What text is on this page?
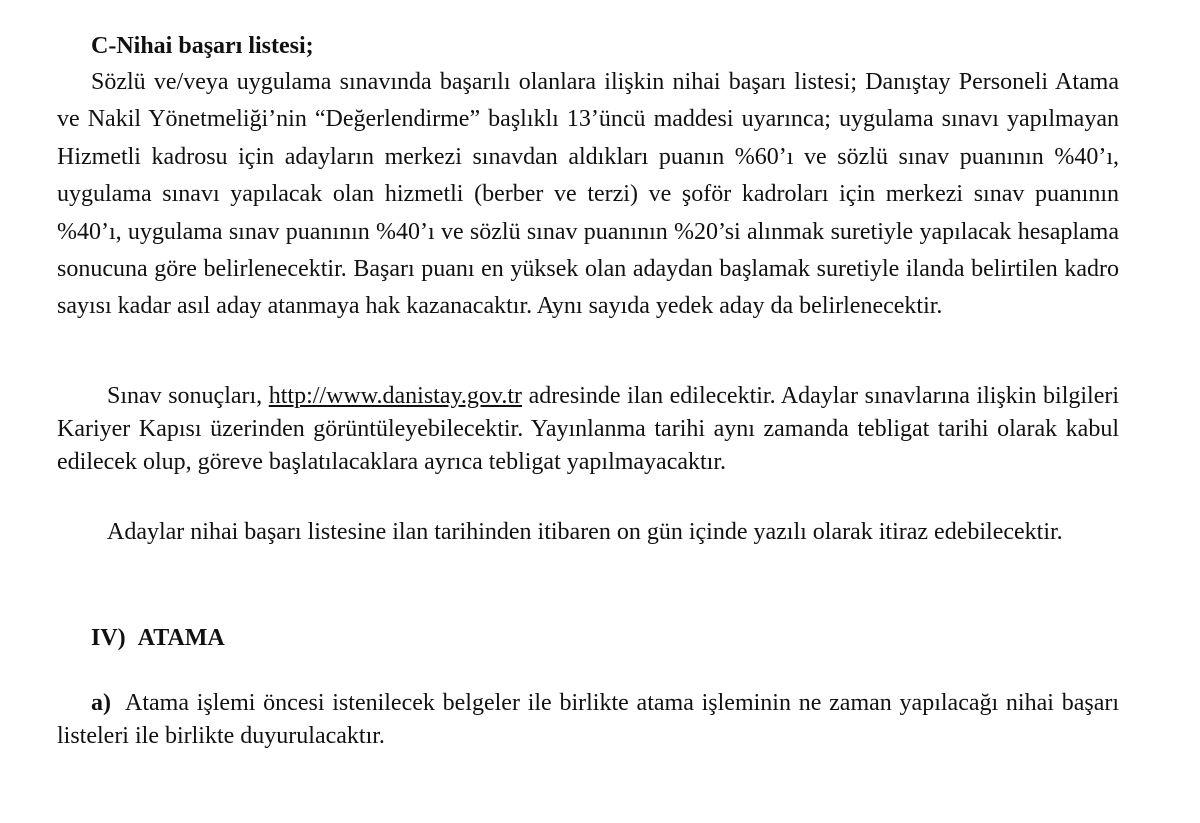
C-Nihai başarı listesi;

Sözlü ve/veya uygulama sınavında başarılı olanlara ilişkin nihai başarı listesi; Danıştay Personeli Atama ve Nakil Yönetmeliği’nin “Değerlendirme” başlıklı 13’üncü maddesi uyarınca; uygulama sınavı yapılmayan Hizmetli kadrosu için adayların merkezi sınavdan aldıkları puanın %60’ı ve sözlü sınav puanının %40’ı, uygulama sınavı yapılacak olan hizmetli (berber ve terzi) ve şoför kadroları için merkezi sınav puanının %40’ı, uygulama sınav puanının %40’ı ve sözlü sınav puanının %20’si alınmak suretiyle yapılacak hesaplama sonucuna göre belirlenecektir. Başarı puanı en yüksek olan adaydan başlamak suretiyle ilanda belirtilen kadro sayısı kadar asıl aday atanmaya hak kazanacaktır. Aynı sayıda yedek aday da belirlenecektir.

Sınav sonuçları, http://www.danistay.gov.tr adresinde ilan edilecektir. Adaylar sınavlarına ilişkin bilgileri Kariyer Kapısı üzerinden görüntüleyebilecektir. Yayınlanma tarihi aynı zamanda tebligat tarihi olarak kabul edilecek olup, göreve başlatılacaklara ayrıca tebligat yapılmayacaktır.

Adaylar nihai başarı listesine ilan tarihinden itibaren on gün içinde yazılı olarak itiraz edebilecektir.

IV) ATAMA

a) Atama işlemi öncesi istenilecek belgeler ile birlikte atama işleminin ne zaman yapılacağı nihai başarı listeleri ile birlikte duyurulacaktır.
